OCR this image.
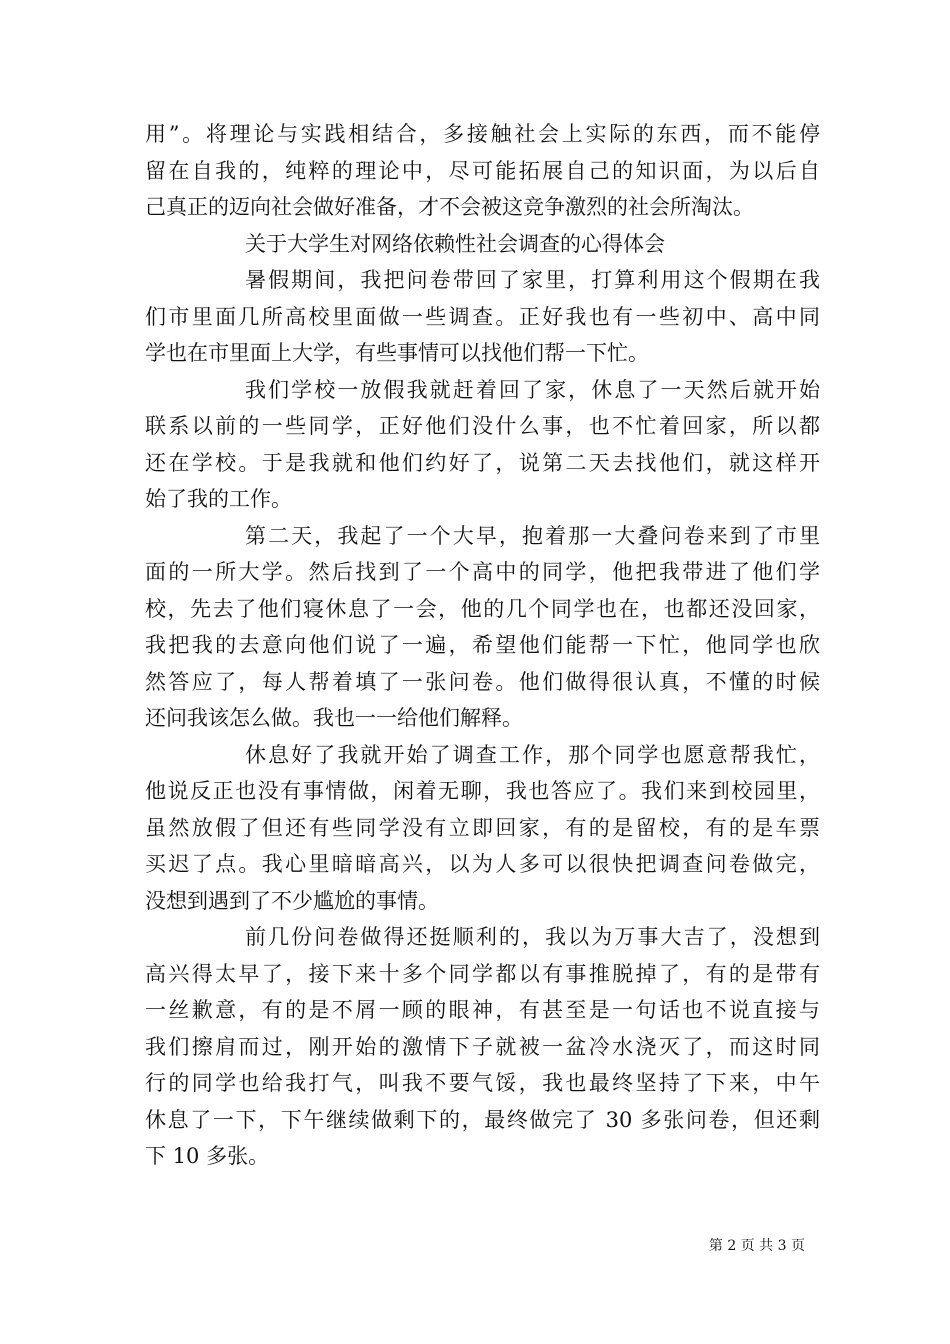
用”。将理论与实践相结合，多接触社会上实际的东西，而不能停
留在自我的，纯粹的理论中，尽可能拓展自己的知识面，为以后自
己真正的迈向社会做好准备，才不会被这竞争激烈的社会所淘汰。
关于大学生对网络依赖性社会调查的心得体会
暑假期间，我把问卷带回了家里，打算利用这个假期在我
们市里面几所高校里面做一些调查。正好我也有一些初中、高中同
学也在市里面上大学，有些事情可以找他们帮一下忙。
我们学校一放假我就赶着回了家，休息了一天然后就开始
联系以前的一些同学，正好他们没什么事，也不忙着回家，所以都
还在学校。于是我就和他们约好了，说第二天去找他们，就这样开
始了我的工作。
第二天，我起了一个大早，抱着那一大叠问卷来到了市里
面的一所大学。然后找到了一个高中的同学，他把我带进了他们学
校，先去了他们寝休息了一会，他的几个同学也在，也都还没回家，
我把我的去意向他们说了一遍，希望他们能帮一下忙，他同学也欣
然答应了，每人帮着填了一张问卷。他们做得很认真，不懂的时候
还问我该怎么做。我也一一给他们解释。
休息好了我就开始了调查工作，那个同学也愿意帮我忙，
他说反正也没有事情做，闲着无聊，我也答应了。我们来到校园里，
虽然放假了但还有些同学没有立即回家，有的是留校，有的是车票
买迟了点。我心里暗暗高兴，以为人多可以很快把调查问卷做完，
没想到遇到了不少尴尬的事情。
前几份问卷做得还挺顺利的，我以为万事大吉了，没想到
高兴得太早了，接下来十多个同学都以有事推脱掉了，有的是带有
一丝歉意，有的是不屑一顾的眼神，有甚至是一句话也不说直接与
我们擦肩而过，刚开始的激情下子就被一盆冷水浇灭了，而这时同
行的同学也给我打气，叫我不要气馁，我也最终坚持了下来，中午
休息了一下，下午继续做剩下的，最终做完了 30 多张问卷，但还剩
下 10 多张。
第 2 页 共 3 页
